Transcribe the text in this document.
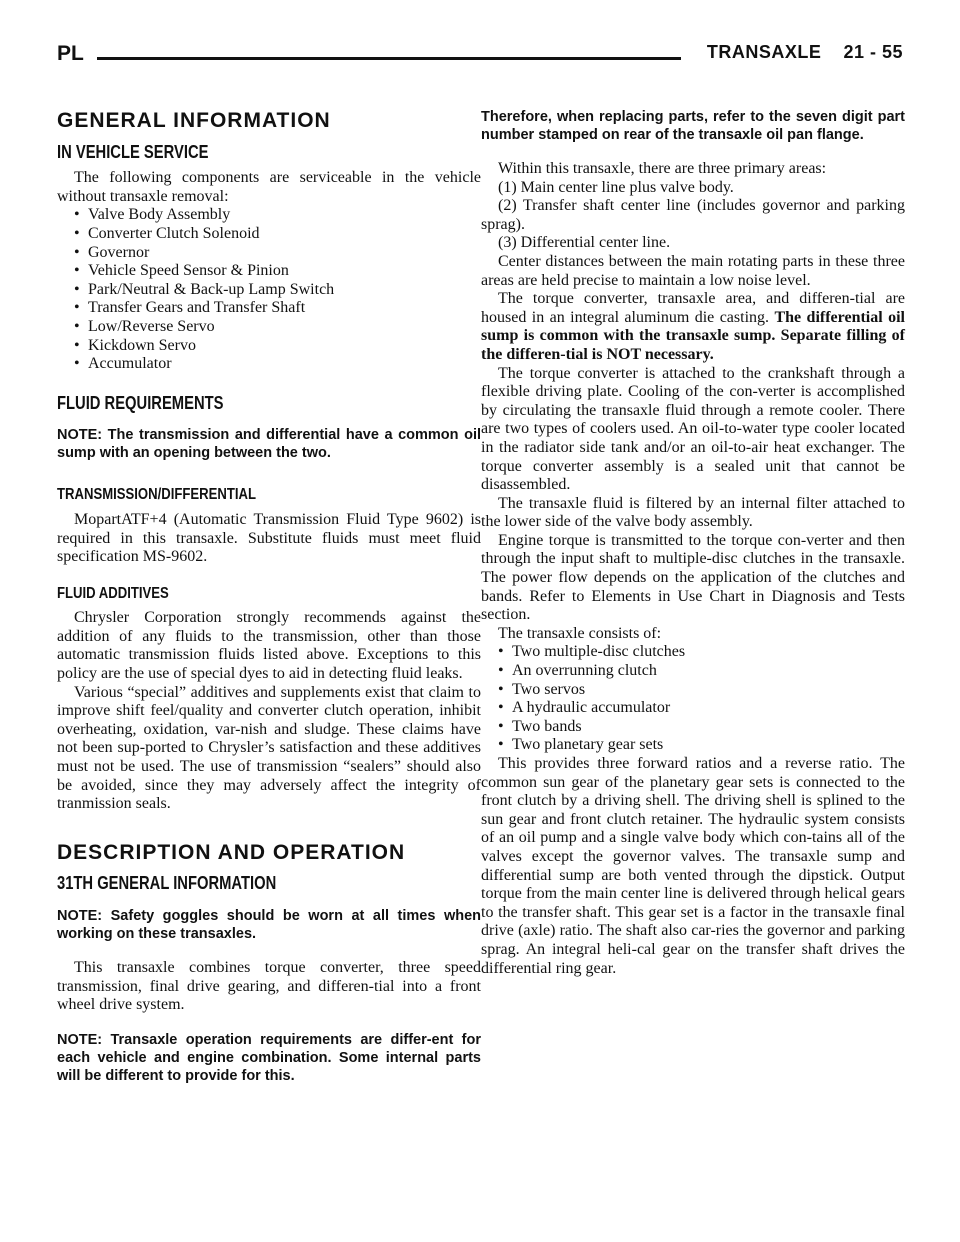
PL	TRANSAXLE 21 - 55
GENERAL INFORMATION
IN VEHICLE SERVICE

The following components are serviceable in the vehicle without transaxle removal:

• Valve Body Assembly
• Converter Clutch Solenoid
• Governor
• Vehicle Speed Sensor & Pinion
• Park/Neutral & Back-up Lamp Switch
• Transfer Gears and Transfer Shaft
• Low/Reverse Servo
• Kickdown Servo
• Accumulator
FLUID REQUIREMENTS

NOTE: The transmission and differential have a common oil sump with an opening between the two.

TRANSMISSION/DIFFERENTIAL

MopartATF+4 (Automatic Transmission Fluid Type 9602) is required in this transaxle. Substitute fluids must meet fluid specification MS-9602.

FLUID ADDITIVES

Chrysler Corporation strongly recommends against the addition of any fluids to the transmission, other than those automatic transmission fluids listed above. Exceptions to this policy are the use of special dyes to aid in detecting fluid leaks.

Various “special” additives and supplements exist that claim to improve shift feel/quality and converter clutch operation, inhibit overheating, oxidation, var-nish and sludge. These claims have not been sup-ported to Chrysler’s satisfaction and these additives must not be used. The use of transmission “sealers” should also be avoided, since they may adversely affect the integrity of tranmission seals.

DESCRIPTION AND OPERATION
31TH GENERAL INFORMATION

NOTE: Safety goggles should be worn at all times when working on these transaxles.

This transaxle combines torque converter, three speed transmission, final drive gearing, and differen-tial into a front wheel drive system.

NOTE: Transaxle operation requirements are differ-ent for each vehicle and engine combination. Some internal parts will be different to provide for this.

Therefore, when replacing parts, refer to the seven digit part number stamped on rear of the transaxle oil pan flange.

Within this transaxle, there are three primary areas:

(1) Main center line plus valve body.

(2) Transfer shaft center line (includes governor and parking sprag).

(3) Differential center line.

Center distances between the main rotating parts in these three areas are held precise to maintain a low noise level.

The torque converter, transaxle area, and differen-tial are housed in an integral aluminum die casting. The differential oil sump is common with the transaxle sump. Separate filling of the differen-tial is NOT necessary.

The torque converter is attached to the crankshaft through a flexible driving plate. Cooling of the con-verter is accomplished by circulating the transaxle fluid through a remote cooler. There are two types of coolers used. An oil-to-water type cooler located in the radiator side tank and/or an oil-to-air heat exchanger. The torque converter assembly is a sealed unit that cannot be disassembled.

The transaxle fluid is filtered by an internal filter attached to the lower side of the valve body assembly.

Engine torque is transmitted to the torque con-verter and then through the input shaft to multiple-disc clutches in the transaxle. The power flow depends on the application of the clutches and bands. Refer to Elements in Use Chart in Diagnosis and Tests section.

The transaxle consists of:

• Two multiple-disc clutches
• An overrunning clutch
• Two servos
• A hydraulic accumulator
• Two bands
• Two planetary gear sets

This provides three forward ratios and a reverse ratio. The common sun gear of the planetary gear sets is connected to the front clutch by a driving shell. The driving shell is splined to the sun gear and front clutch retainer. The hydraulic system consists of an oil pump and a single valve body which con-tains all of the valves except the governor valves. The transaxle sump and differential sump are both vented through the dipstick. Output torque from the main center line is delivered through helical gears to the transfer shaft. This gear set is a factor in the transaxle final drive (axle) ratio. The shaft also car-ries the governor and parking sprag. An integral heli-cal gear on the transfer shaft drives the differential ring gear.
